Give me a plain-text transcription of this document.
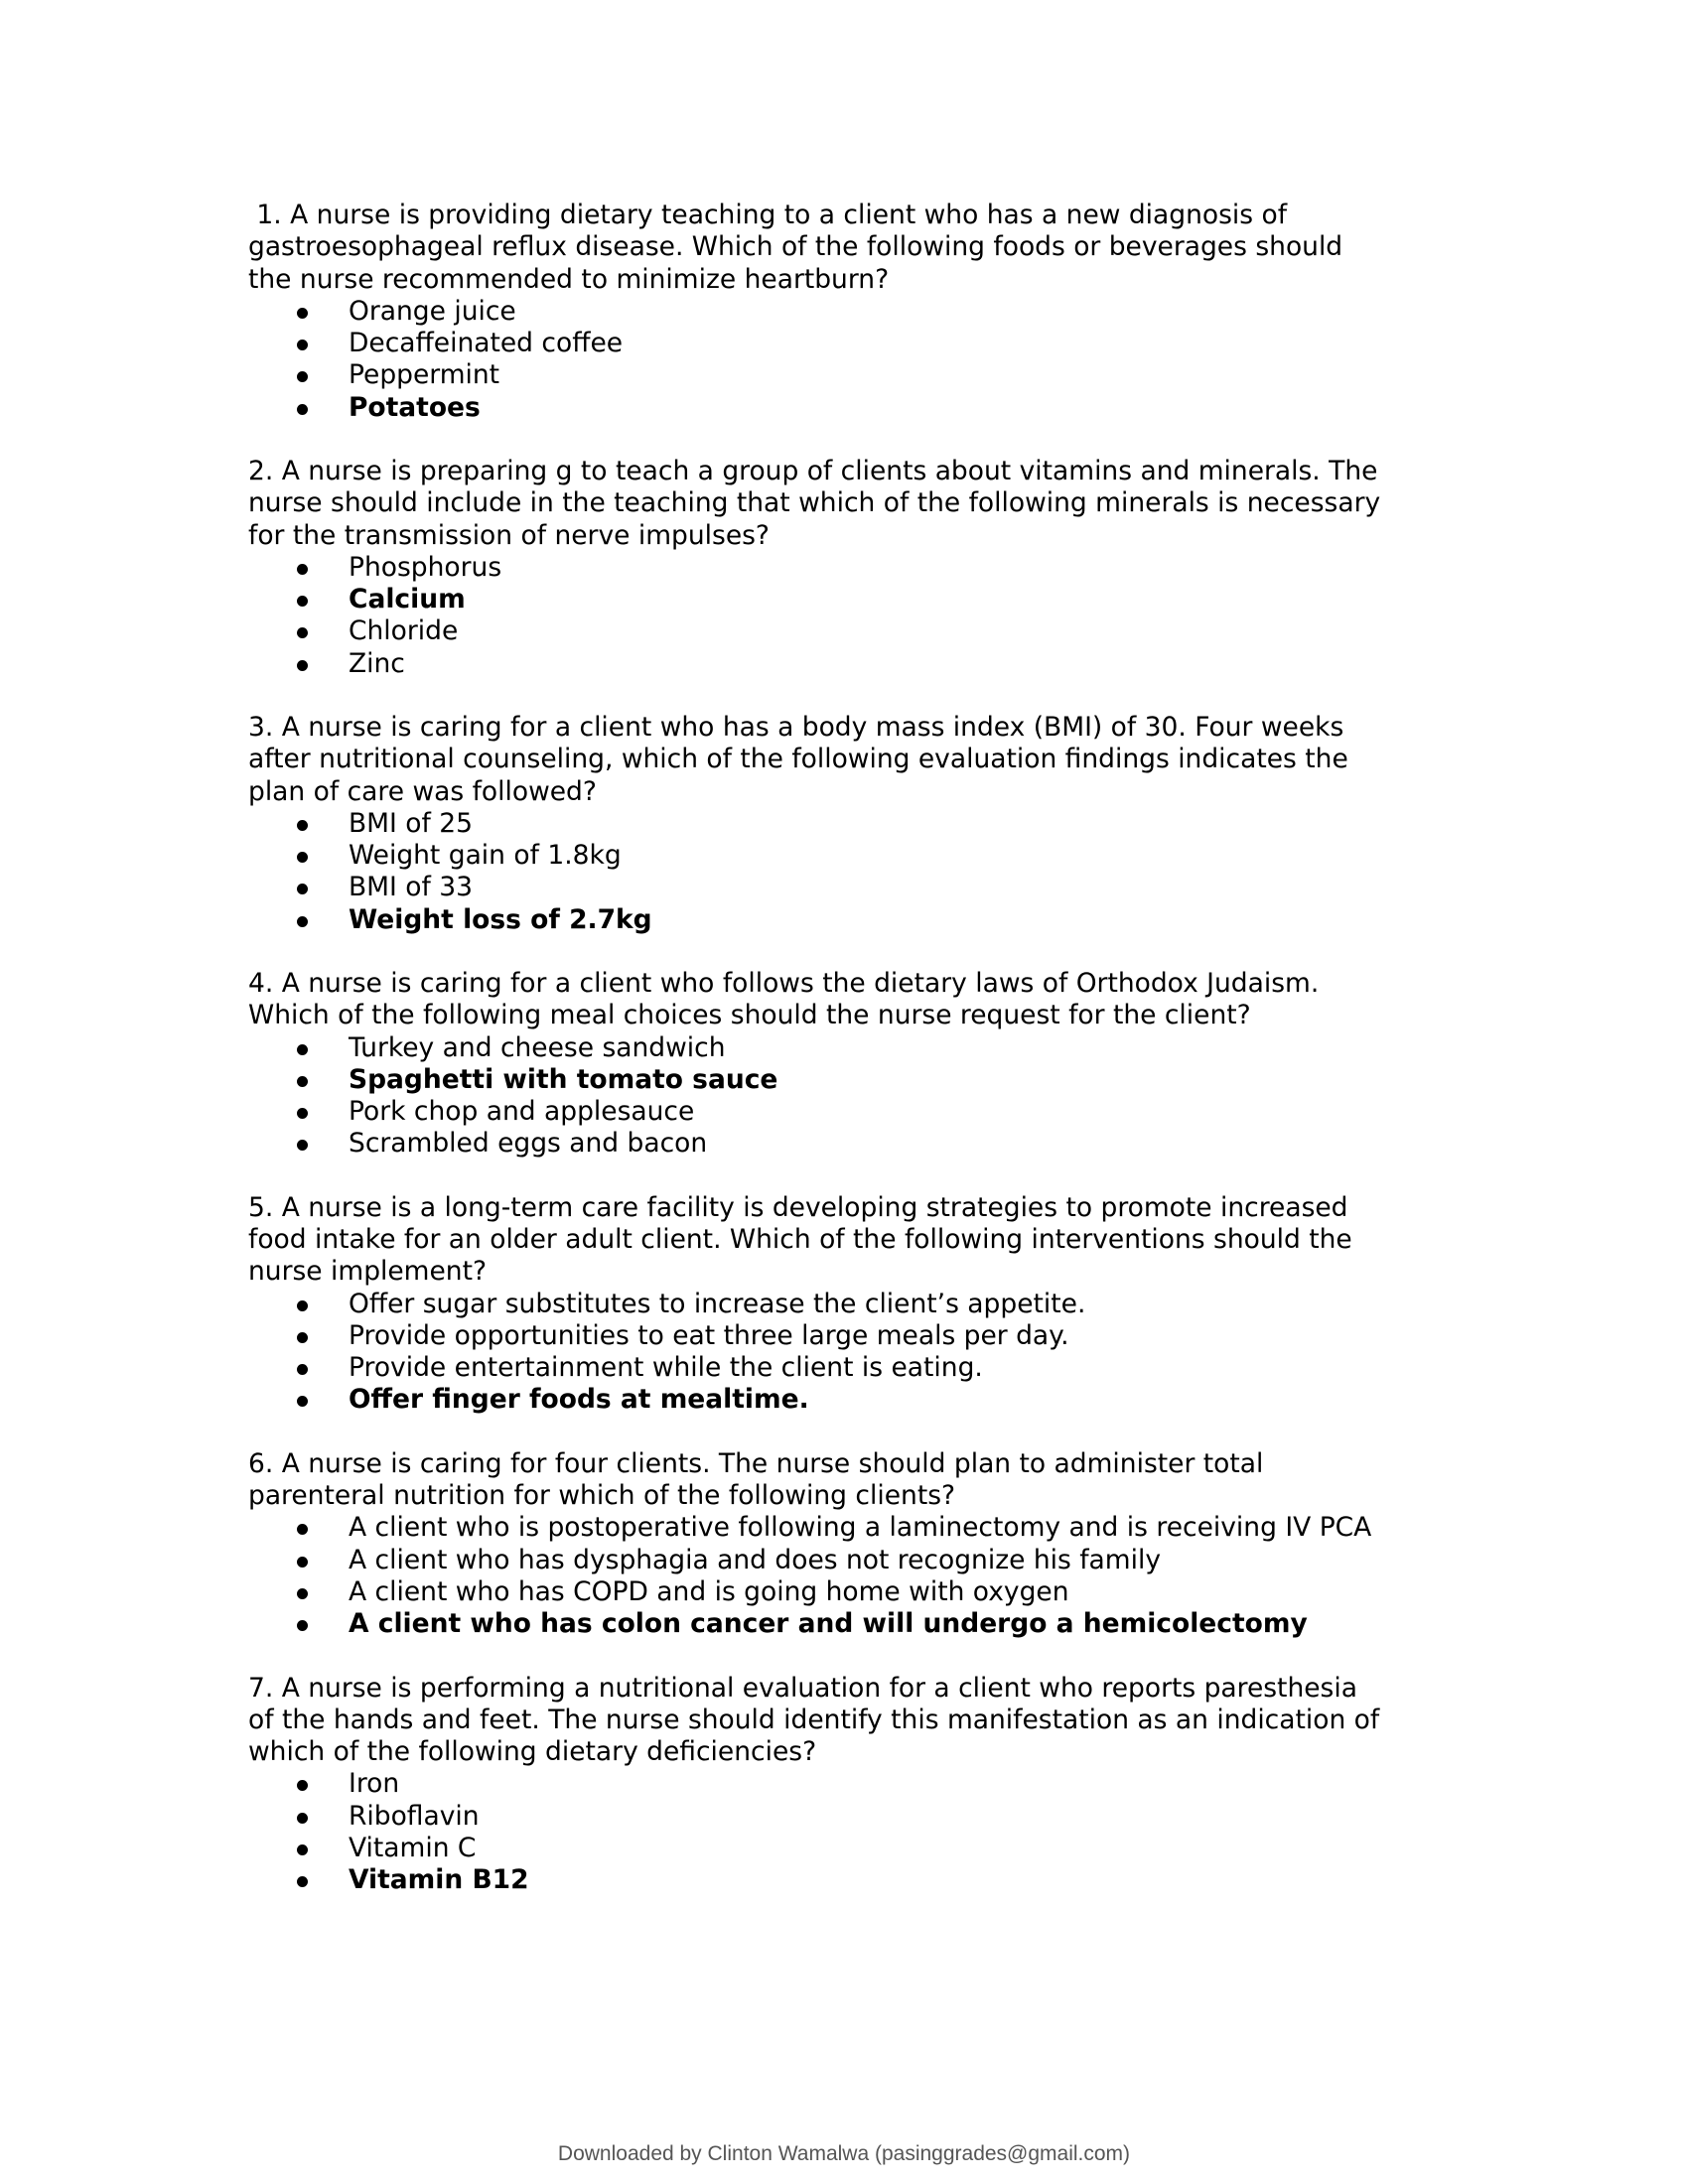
1. A nurse is providing dietary teaching to a client who has a new diagnosis of
gastroesophageal reflux disease. Which of the following foods or beverages should
the nurse recommended to minimize heartburn?
Orange juice
Decaffeinated coffee
Peppermint
Potatoes
2. A nurse is preparing g to teach a group of clients about vitamins and minerals. The
nurse should include in the teaching that which of the following minerals is necessary
for the transmission of nerve impulses?
Phosphorus
Calcium
Chloride
Zinc
3. A nurse is caring for a client who has a body mass index (BMI) of 30. Four weeks
after nutritional counseling, which of the following evaluation findings indicates the
plan of care was followed?
BMI of 25
Weight gain of 1.8kg
BMI of 33
Weight loss of 2.7kg
4. A nurse is caring for a client who follows the dietary laws of Orthodox Judaism.
Which of the following meal choices should the nurse request for the client?
Turkey and cheese sandwich
Spaghetti with tomato sauce
Pork chop and applesauce
Scrambled eggs and bacon
5. A nurse is a long-term care facility is developing strategies to promote increased
food intake for an older adult client. Which of the following interventions should the
nurse implement?
Offer sugar substitutes to increase the client’s appetite.
Provide opportunities to eat three large meals per day.
Provide entertainment while the client is eating.
Offer finger foods at mealtime.
6. A nurse is caring for four clients. The nurse should plan to administer total
parenteral nutrition for which of the following clients?
A client who is postoperative following a laminectomy and is receiving IV PCA
A client who has dysphagia and does not recognize his family
A client who has COPD and is going home with oxygen
A client who has colon cancer and will undergo a hemicolectomy
7. A nurse is performing a nutritional evaluation for a client who reports paresthesia
of the hands and feet. The nurse should identify this manifestation as an indication of
which of the following dietary deficiencies?
Iron
Riboflavin
Vitamin C
Vitamin B12
Downloaded by Clinton Wamalwa (pasinggrades@gmail.com)
